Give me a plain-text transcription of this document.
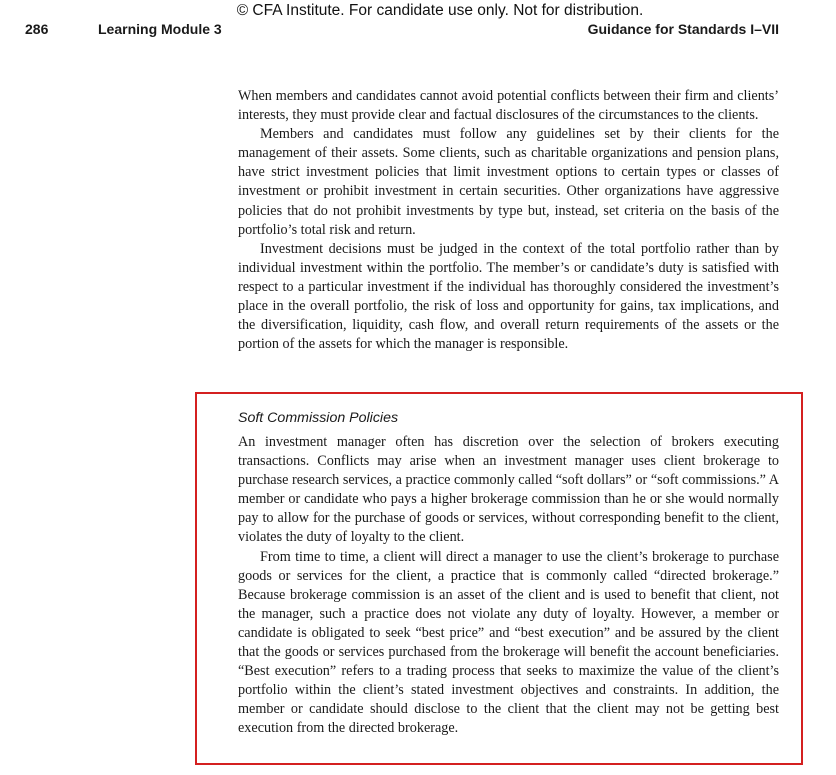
© CFA Institute. For candidate use only. Not for distribution.
286	Learning Module 3	Guidance for Standards I–VII

When members and candidates cannot avoid potential conflicts between their firm and clients’ interests, they must provide clear and factual disclosures of the circumstances to the clients.

Members and candidates must follow any guidelines set by their clients for the management of their assets. Some clients, such as charitable organizations and pension plans, have strict investment policies that limit investment options to certain types or classes of investment or prohibit investment in certain securities. Other organizations have aggressive policies that do not prohibit investments by type but, instead, set criteria on the basis of the portfolio’s total risk and return.

Investment decisions must be judged in the context of the total portfolio rather than by individual investment within the portfolio. The member’s or candidate’s duty is satisfied with respect to a particular investment if the individual has thoroughly considered the investment’s place in the overall portfolio, the risk of loss and opportunity for gains, tax implications, and the diversification, liquidity, cash flow, and overall return requirements of the assets or the portion of the assets for which the manager is responsible.

Soft Commission Policies

An investment manager often has discretion over the selection of brokers executing transactions. Conflicts may arise when an investment manager uses client brokerage to purchase research services, a practice commonly called “soft dollars” or “soft commissions.” A member or candidate who pays a higher brokerage commission than he or she would normally pay to allow for the purchase of goods or services, without corresponding benefit to the client, violates the duty of loyalty to the client.

From time to time, a client will direct a manager to use the client’s brokerage to purchase goods or services for the client, a practice that is commonly called “directed brokerage.” Because brokerage commission is an asset of the client and is used to benefit that client, not the manager, such a practice does not violate any duty of loyalty. However, a member or candidate is obligated to seek “best price” and “best execution” and be assured by the client that the goods or services purchased from the brokerage will benefit the account beneficiaries. “Best execution” refers to a trading process that seeks to maximize the value of the client’s portfolio within the client’s stated investment objectives and constraints. In addition, the member or candidate should disclose to the client that the client may not be getting best execution from the directed brokerage.
